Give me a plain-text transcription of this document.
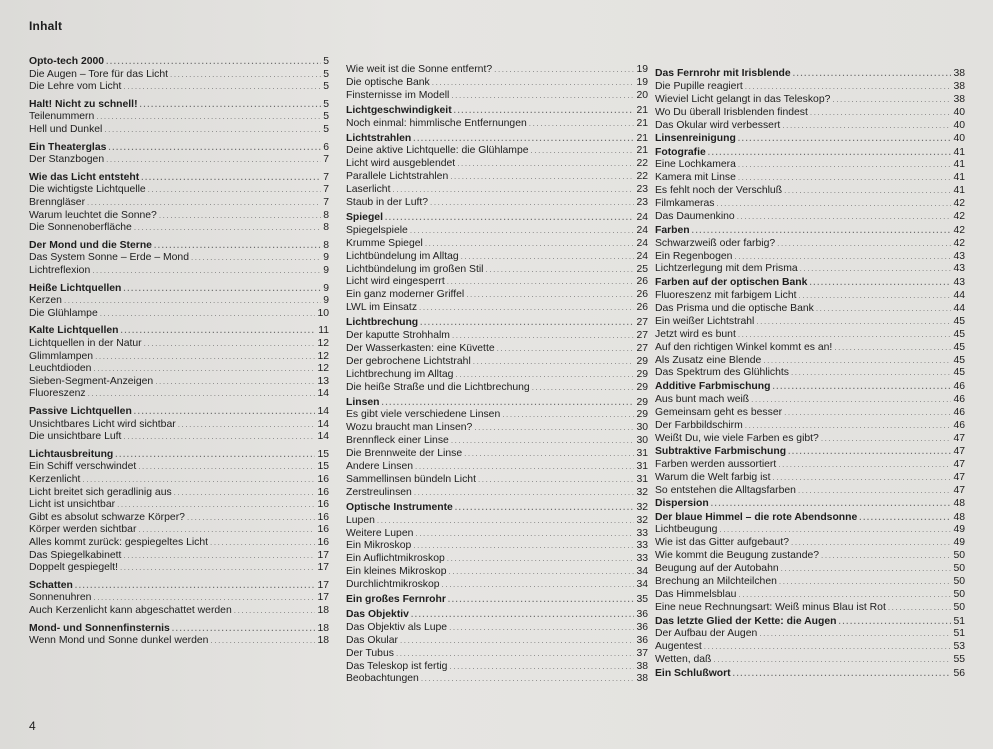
Inhalt
Opto-tech 2000 .....	5
Die Augen – Tore für das Licht .....	5
Die Lehre vom Licht .....	5
Halt! Nicht zu schnell! .....	5
Teilenummern .....	5
Hell und Dunkel .....	5
Ein Theaterglas .....	6
Der Stanzbogen .....	7
Wie das Licht entsteht .....	7
Die wichtigste Lichtquelle .....	7
Brenngläser .....	7
Warum leuchtet die Sonne? .....	8
Die Sonnenoberfläche .....	8
Der Mond und die Sterne .....	8
Das System Sonne – Erde – Mond .....	9
Lichtreflexion .....	9
Heiße Lichtquellen .....	9
Kerzen .....	9
Die Glühlampe .....	10
Kalte Lichtquellen .....	11
Lichtquellen in der Natur .....	12
Glimmlampen .....	12
Leuchtdioden .....	12
Sieben-Segment-Anzeigen .....	13
Fluoreszenz .....	14
Passive Lichtquellen .....	14
Unsichtbares Licht wird sichtbar .....	14
Die unsichtbare Luft .....	14
Lichtausbreitung .....	15
Ein Schiff verschwindet .....	15
Kerzenlicht .....	16
Licht breitet sich geradlinig aus .....	16
Licht ist unsichtbar .....	16
Gibt es absolut schwarze Körper? .....	16
Körper werden sichtbar .....	16
Alles kommt zurück: gespiegeltes Licht .....	16
Das Spiegelkabinett .....	17
Doppelt gespiegelt! .....	17
Schatten .....	17
Sonnenuhren .....	17
Auch Kerzenlicht kann abgeschattet werden .....	18
Mond- und Sonnenfinsternis .....	18
Wenn Mond und Sonne dunkel werden .....	18
Wie weit ist die Sonne entfernt? .....	19
Die optische Bank .....	19
Finsternisse im Modell .....	20
Lichtgeschwindigkeit .....	21
Noch einmal: himmlische Entfernungen .....	21
Lichtstrahlen .....	21
Deine aktive Lichtquelle: die Glühlampe .....	21
Licht wird ausgeblendet .....	22
Parallele Lichtstrahlen .....	22
Laserlicht .....	23
Staub in der Luft? .....	23
Spiegel .....	24
Spiegelspiele .....	24
Krumme Spiegel .....	24
Lichtbündelung im Alltag .....	24
Lichtbündelung im großen Stil .....	25
Licht wird eingesperrt .....	26
Ein ganz moderner Griffel .....	26
LWL im Einsatz .....	26
Lichtbrechung .....	27
Der kaputte Strohhalm .....	27
Der Wasserkasten: eine Küvette .....	27
Der gebrochene Lichtstrahl .....	29
Lichtbrechung im Alltag .....	29
Die heiße Straße und die Lichtbrechung .....	29
Linsen .....	29
Es gibt viele verschiedene Linsen .....	29
Wozu braucht man Linsen? .....	30
Brennfleck einer Linse .....	30
Die Brennweite der Linse .....	31
Andere Linsen .....	31
Sammellinsen bündeln Licht .....	31
Zerstreulinsen .....	32
Optische Instrumente .....	32
Lupen .....	32
Weitere Lupen .....	33
Ein Mikroskop .....	33
Ein Auflichtmikroskop .....	33
Ein kleines Mikroskop .....	34
Durchlichtmikroskop .....	34
Ein großes Fernrohr .....	35
Das Objektiv .....	36
Das Objektiv als Lupe .....	36
Das Okular .....	36
Der Tubus .....	37
Das Teleskop ist fertig .....	38
Beobachtungen .....	38
Das Fernrohr mit Irisblende .....	38
Die Pupille reagiert .....	38
Wieviel Licht gelangt in das Teleskop? .....	38
Wo Du überall Irisblenden findest .....	40
Das Okular wird verbessert .....	40
Linsenreinigung .....	40
Fotografie .....	41
Eine Lochkamera .....	41
Kamera mit Linse .....	41
Es fehlt noch der Verschluß .....	41
Filmkameras .....	42
Das Daumenkino .....	42
Farben .....	42
Schwarzweiß oder farbig? .....	42
Ein Regenbogen .....	43
Lichtzerlegung mit dem Prisma .....	43
Farben auf der optischen Bank .....	43
Fluoreszenz mit farbigem Licht .....	44
Das Prisma und die optische Bank .....	44
Ein weißer Lichtstrahl .....	45
Jetzt wird es bunt .....	45
Auf den richtigen Winkel kommt es an! .....	45
Als Zusatz eine Blende .....	45
Das Spektrum des Glühlichts .....	45
Additive Farbmischung .....	46
Aus bunt mach weiß .....	46
Gemeinsam geht es besser .....	46
Der Farbbildschirm .....	46
Weißt Du, wie viele Farben es gibt? .....	47
Subtraktive Farbmischung .....	47
Farben werden aussortiert .....	47
Warum die Welt farbig ist .....	47
So entstehen die Alltagsfarben .....	47
Dispersion .....	48
Der blaue Himmel – die rote Abendsonne .....	48
Lichtbeugung .....	49
Wie ist das Gitter aufgebaut? .....	49
Wie kommt die Beugung zustande? .....	50
Beugung auf der Autobahn .....	50
Brechung an Milchteilchen .....	50
Das Himmelsblau .....	50
Eine neue Rechnungsart: Weiß minus Blau ist Rot .....	50
Das letzte Glied der Kette: die Augen .....	51
Der Aufbau der Augen .....	51
Augentest .....	53
Wetten, daß .....	55
Ein Schlußwort .....	56
4
